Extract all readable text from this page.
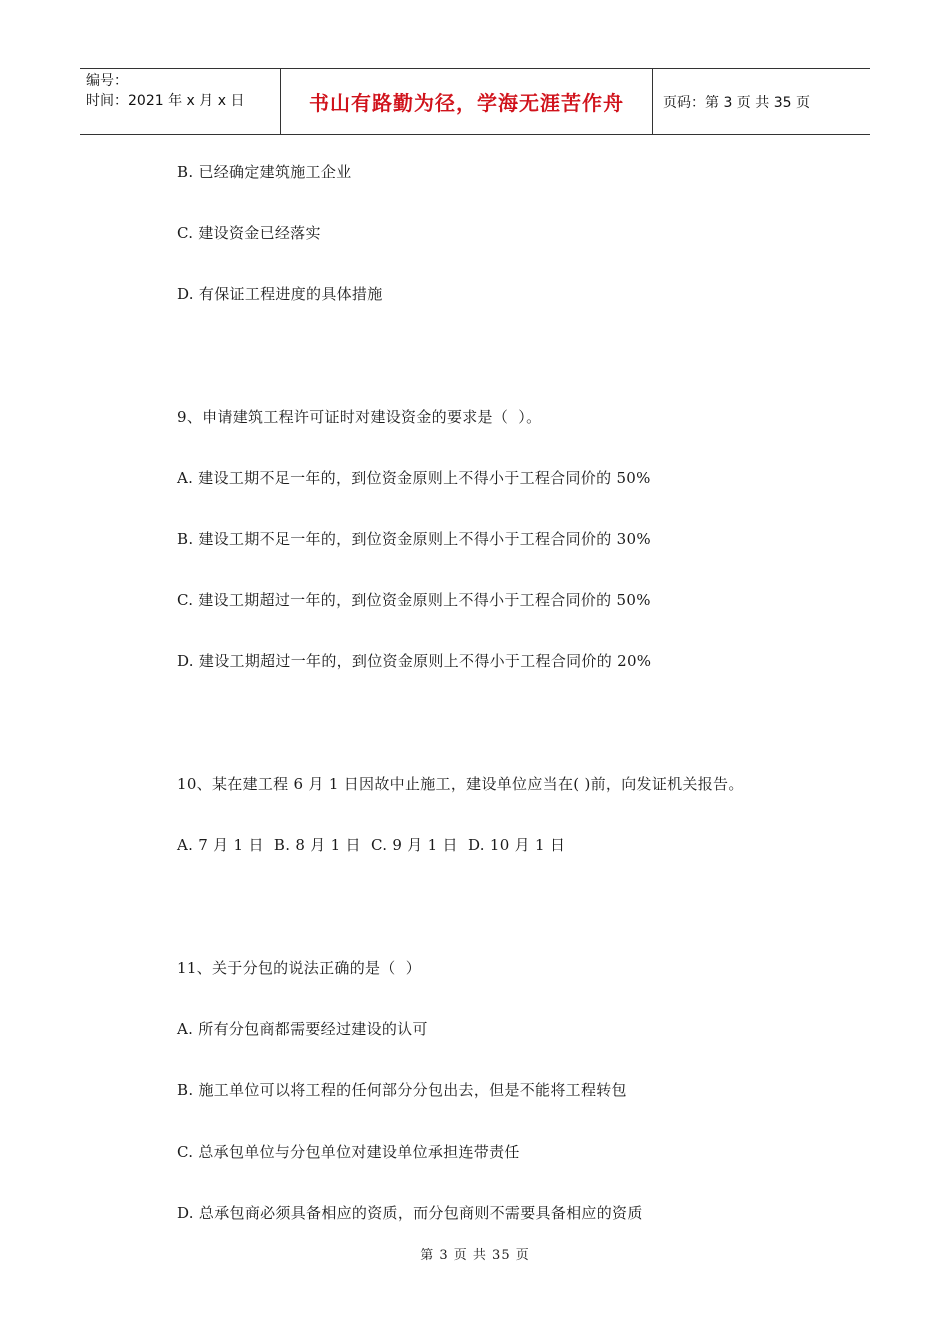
编号：
时间：2021 年 x 月 x 日	书山有路勤为径，学海无涯苦作舟	页码：第 3 页 共 35 页
B. 已经确定建筑施工企业
C. 建设资金已经落实
D. 有保证工程进度的具体措施
9、申请建筑工程许可证时对建设资金的要求是（  ）。
A. 建设工期不足一年的，到位资金原则上不得小于工程合同价的 50%
B. 建设工期不足一年的，到位资金原则上不得小于工程合同价的 30%
C. 建设工期超过一年的，到位资金原则上不得小于工程合同价的 50%
D. 建设工期超过一年的，到位资金原则上不得小于工程合同价的 20%
10、某在建工程 6 月 1 日因故中止施工，建设单位应当在( )前，向发证机关报告。
A. 7 月 1 日  B. 8 月 1 日  C. 9 月 1 日  D. 10 月 1 日
11、关于分包的说法正确的是（  ）
A. 所有分包商都需要经过建设的认可
B. 施工单位可以将工程的任何部分分包出去，但是不能将工程转包
C. 总承包单位与分包单位对建设单位承担连带责任
D. 总承包商必须具备相应的资质，而分包商则不需要具备相应的资质
第 3 页 共 35 页
